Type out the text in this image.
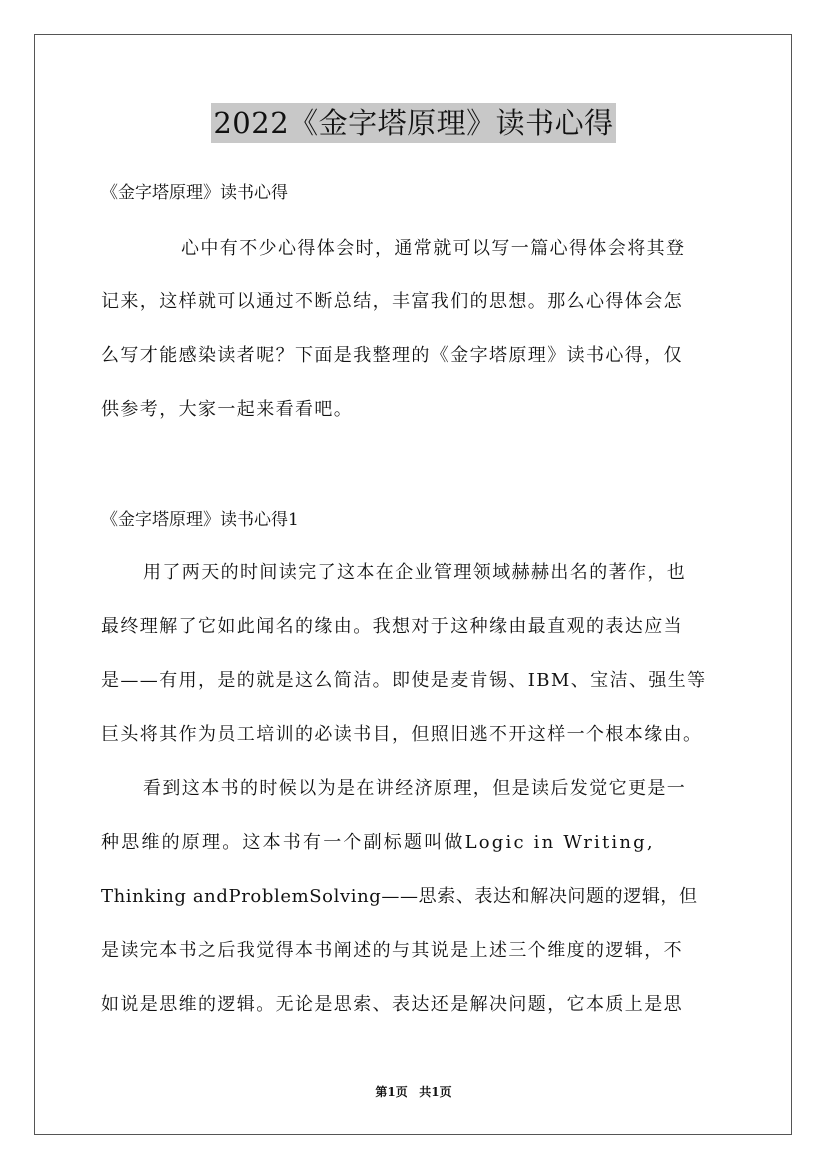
2022《金字塔原理》读书心得
《金字塔原理》读书心得
心中有不少心得体会时，通常就可以写一篇心得体会将其登
记来，这样就可以通过不断总结，丰富我们的思想。那么心得体会怎
么写才能感染读者呢？下面是我整理的《金字塔原理》读书心得，仅
供参考，大家一起来看看吧。
《金字塔原理》读书心得1
用了两天的时间读完了这本在企业管理领域赫赫出名的著作，也
最终理解了它如此闻名的缘由。我想对于这种缘由最直观的表达应当
是——有用，是的就是这么简洁。即使是麦肯锡、IBM、宝洁、强生等
巨头将其作为员工培训的必读书目，但照旧逃不开这样一个根本缘由。
看到这本书的时候以为是在讲经济原理，但是读后发觉它更是一
种思维的原理。这本书有一个副标题叫做Logic in Writing,
Thinking andProblemSolving——思索、表达和解决问题的逻辑，但
是读完本书之后我觉得本书阐述的与其说是上述三个维度的逻辑，不
如说是思维的逻辑。无论是思索、表达还是解决问题，它本质上是思
第1页 共1页
